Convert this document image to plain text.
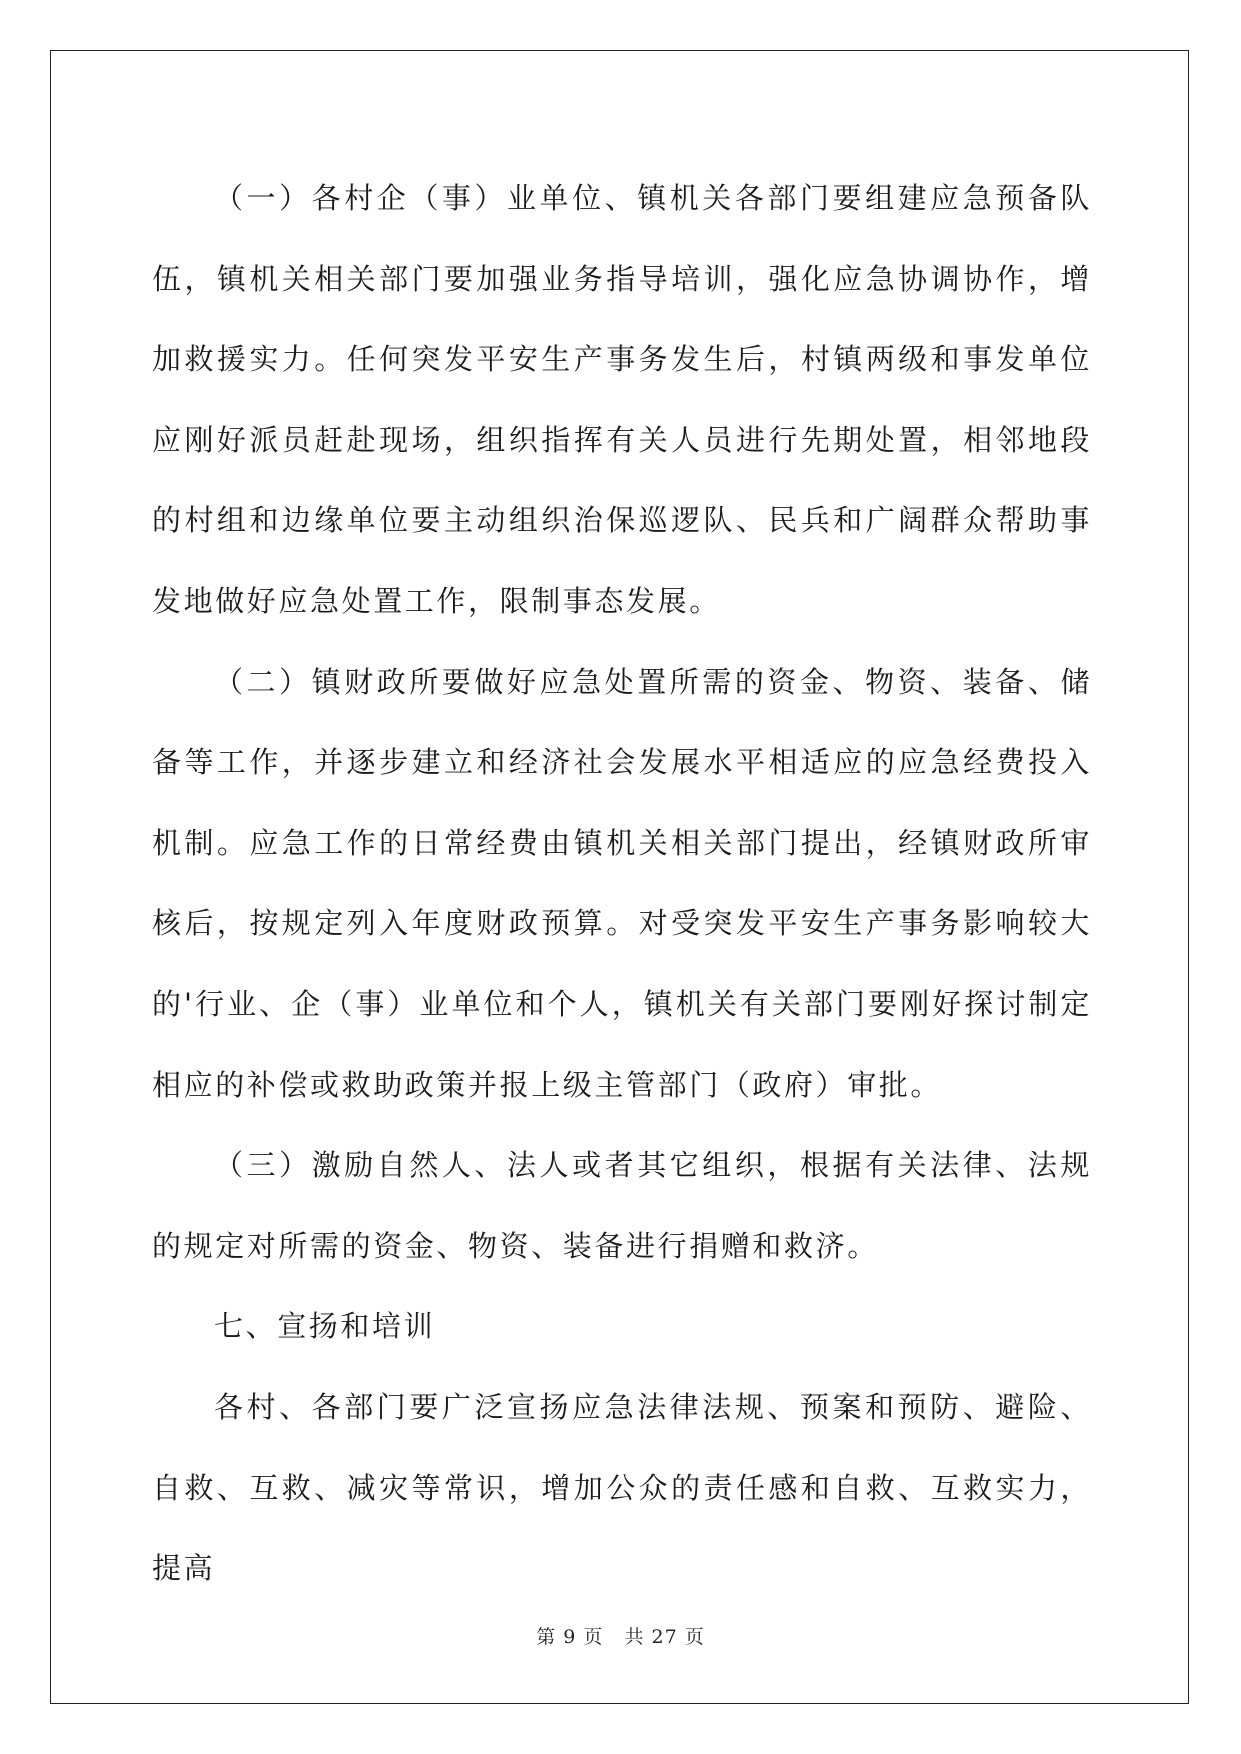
（一）各村企（事）业单位、镇机关各部门要组建应急预备队伍，镇机关相关部门要加强业务指导培训，强化应急协调协作，增加救援实力。任何突发平安生产事务发生后，村镇两级和事发单位应刚好派员赶赴现场，组织指挥有关人员进行先期处置，相邻地段的村组和边缘单位要主动组织治保巡逻队、民兵和广阔群众帮助事发地做好应急处置工作，限制事态发展。

（二）镇财政所要做好应急处置所需的资金、物资、装备、储备等工作，并逐步建立和经济社会发展水平相适应的应急经费投入机制。应急工作的日常经费由镇机关相关部门提出，经镇财政所审核后，按规定列入年度财政预算。对受突发平安生产事务影响较大的'行业、企（事）业单位和个人，镇机关有关部门要刚好探讨制定相应的补偿或救助政策并报上级主管部门（政府）审批。

（三）激励自然人、法人或者其它组织，根据有关法律、法规的规定对所需的资金、物资、装备进行捐赠和救济。

七、宣扬和培训

各村、各部门要广泛宣扬应急法律法规、预案和预防、避险、自救、互救、减灾等常识，增加公众的责任感和自救、互救实力，提高

第 9 页 共 27 页
